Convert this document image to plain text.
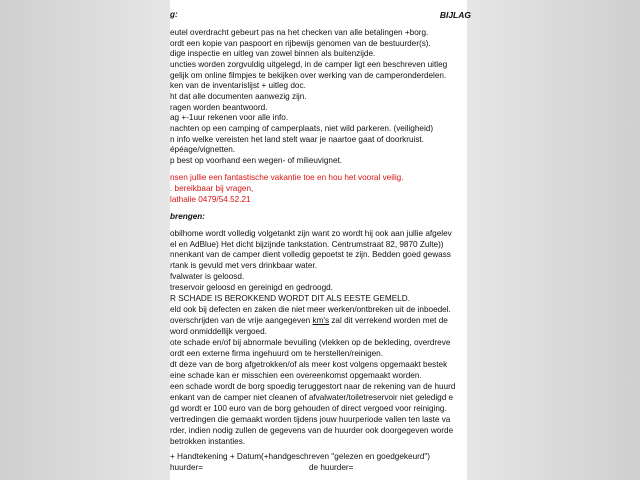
g:	BIJLAG
eutel overdracht gebeurt pas na het checken van alle betalingen +borg.
ordt een kopie van paspoort en rijbewijs genomen van de bestuurder(s).
dige inspectie en uitleg van zowel binnen als buitenzijde.
uncties worden zorgvuldig uitgelegd, in de camper ligt een beschreven uitleg
gelijk om online filmpjes te bekijken over werking van de camperonderdelen.
ken van de inventarislijst + uitleg doc.
ht dat alle documenten aanwezig zijn.
ragen worden beantwoord.
ag +-1uur rekenen voor alle info.
nachten op een camping of camperplaats, niet wild parkeren. (veiligheid)
n info welke vereisten het land stelt waar je naartoe gaat of doorkruist.
épéage/vignetten.
p best op voorhand een wegen- of milieuvignet.
nsen jullie een fantastische vakantie toe en hou het vooral veilig.
. bereikbaar bij vragen,
lathalie 0479/54.52.21
brengen:
obilhome wordt volledig volgetankt zijn want zo wordt hij ook aan jullie afgelev
el en AdBlue) Het dicht bijzijnde tankstation. Centrumstraat 82, 9870 Zulte))
nnenkant van de camper dient volledig gepoetst te zijn. Bedden goed gewass
rtank is gevuld met vers drinkbaar water.
fvalwater is geloosd.
treservoir geloosd en gereinigd en gedroogd.
R SCHADE IS BEROKKEND WORDT DIT ALS EESTE GEMELD.
eld ook bij defecten en zaken die niet meer werken/ontbreken uit de inboedel.
overschrijden van de vrije aangegeven km's zal dit verrekend worden met de
word onmiddellijk vergoed.
ote schade en/of bij abnormale bevuiling (vlekken op de bekleding, overdreve
ordt een externe firma ingehuurd om te herstellen/reinigen.
dt deze van de borg afgetrokken/of als meer kost volgens opgemaakt bestek
eine schade kan er misschien een overeenkomst opgemaakt worden.
een schade wordt de borg spoedig teruggestort naar de rekening van de huurd
enkant van de camper niet cleanen of afvalwater/toiletreservoir niet geledigd e
gd wordt er 100 euro van de borg gehouden of direct vergoed voor reiniging.
vertredingen die gemaakt worden tijdens jouw huurperiode vallen ten laste va
rder, indien nodig zullen de gegevens van de huurder ook doorgegeven worde
betrokken instanties.
+ Handtekening + Datum(+handgeschreven "gelezen en goedgekeurd")
huurder=	de huurder=
